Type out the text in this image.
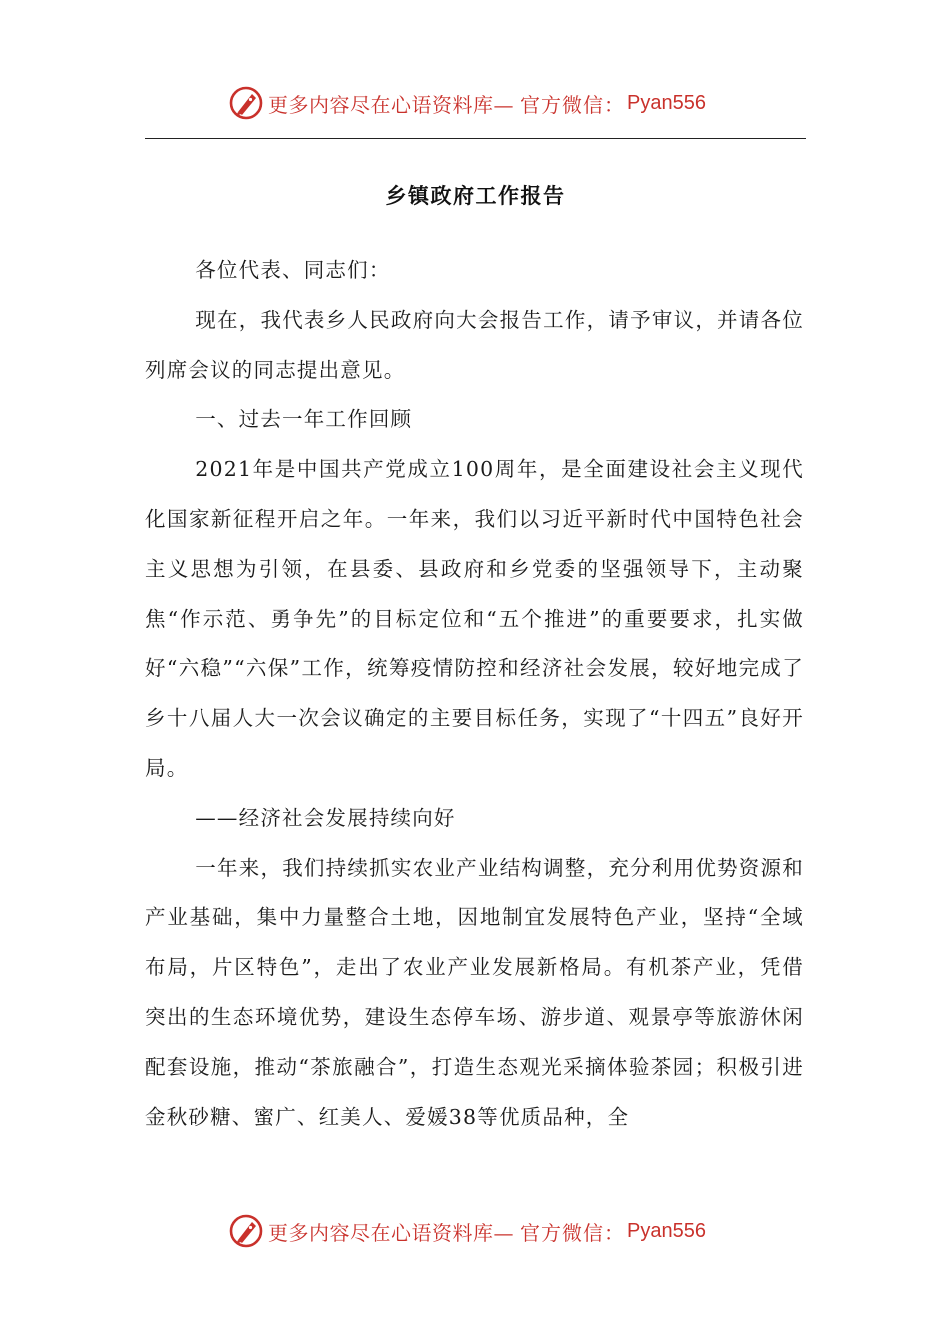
更多内容尽在心语资料库— 官方微信： Pyan556
乡镇政府工作报告

各位代表、同志们：

现在，我代表乡人民政府向大会报告工作，请予审议，并请各位列席会议的同志提出意见。

一、过去一年工作回顾

2021年是中国共产党成立100周年，是全面建设社会主义现代化国家新征程开启之年。一年来，我们以习近平新时代中国特色社会主义思想为引领，在县委、县政府和乡党委的坚强领导下，主动聚焦“作示范、勇争先”的目标定位和“五个推进”的重要要求，扎实做好“六稳”“六保”工作，统筹疫情防控和经济社会发展，较好地完成了乡十八届人大一次会议确定的主要目标任务，实现了“十四五”良好开局。

——经济社会发展持续向好

一年来，我们持续抓实农业产业结构调整，充分利用优势资源和产业基础，集中力量整合土地，因地制宜发展特色产业，坚持“全域布局，片区特色”，走出了农业产业发展新格局。有机茶产业，凭借突出的生态环境优势，建设生态停车场、游步道、观景亭等旅游休闲配套设施，推动“茶旅融合”，打造生态观光采摘体验茶园；积极引进金秋砂糖、蜜广、红美人、爱媛38等优质品种，全

更多内容尽在心语资料库— 官方微信： Pyan556
